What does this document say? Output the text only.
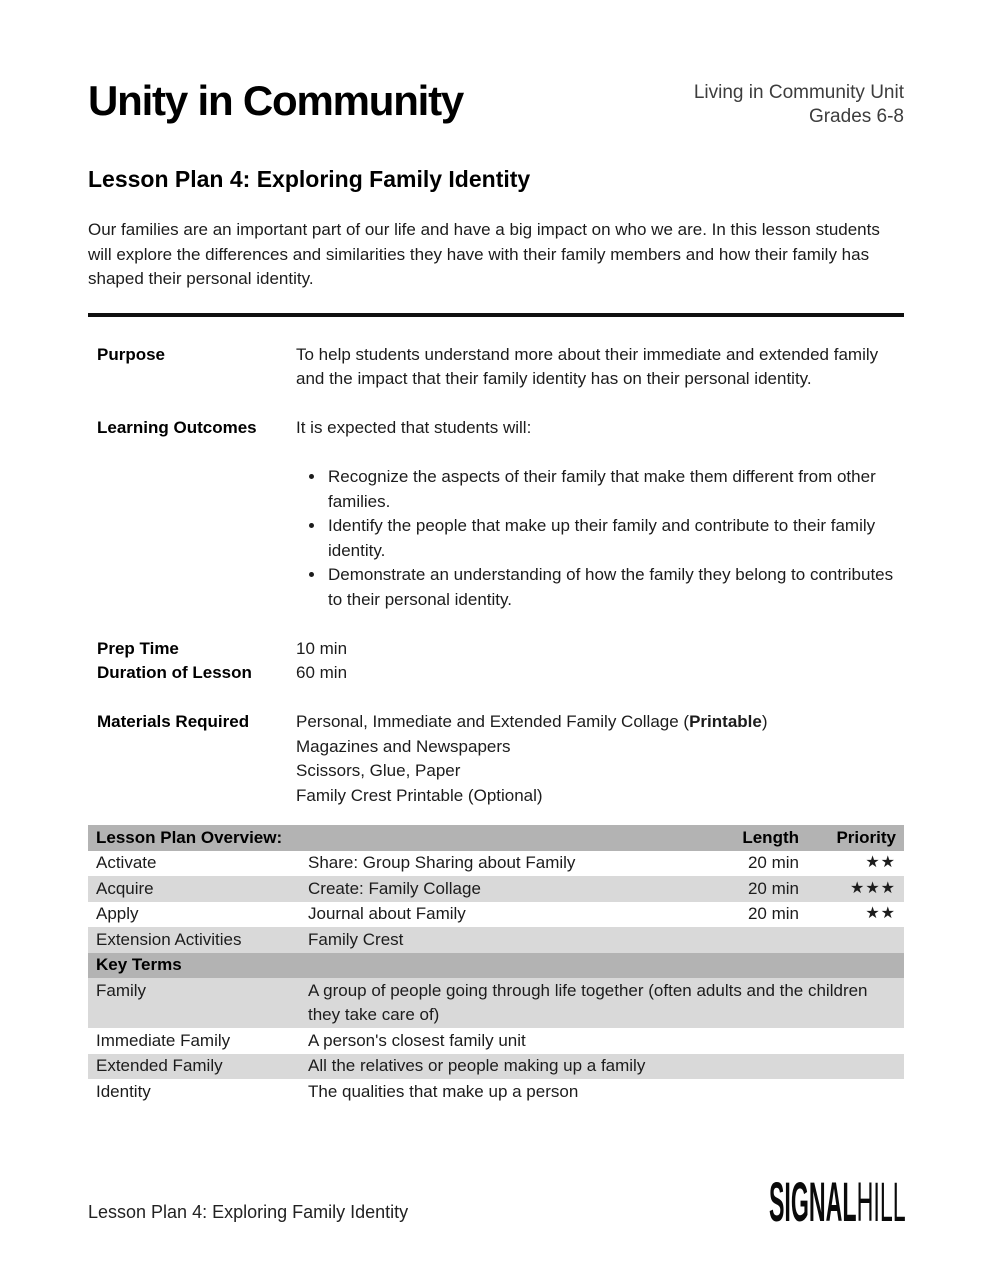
Unity in Community	Living in Community Unit
Grades 6-8
Lesson Plan 4: Exploring Family Identity

Our families are an important part of our life and have a big impact on who we are. In this lesson students will explore the differences and similarities they have with their family members and how their family has shaped their personal identity.

Purpose	To help students understand more about their immediate and extended family and the impact that their family identity has on their personal identity.
Learning Outcomes	It is expected that students will:
• Recognize the aspects of their family that make them different from other families.
• Identify the people that make up their family and contribute to their family identity.
• Demonstrate an understanding of how the family they belong to contributes to their personal identity.
Prep Time	10 min
Duration of Lesson	60 min
Materials Required	Personal, Immediate and Extended Family Collage (Printable)
Magazines and Newspapers
Scissors, Glue, Paper
Family Crest Printable (Optional)
Lesson Plan Overview:	Length	Priority
Activate	Share: Group Sharing about Family	20 min	★★
Acquire	Create: Family Collage	20 min	★★★
Apply	Journal about Family	20 min	★★
Extension Activities	Family Crest
Key Terms
Family	A group of people going through life together (often adults and the children they take care of)
Immediate Family	A person's closest family unit
Extended Family	All the relatives or people making up a family
Identity	The qualities that make up a person
Lesson Plan 4: Exploring Family Identity	SIGNALHILL
